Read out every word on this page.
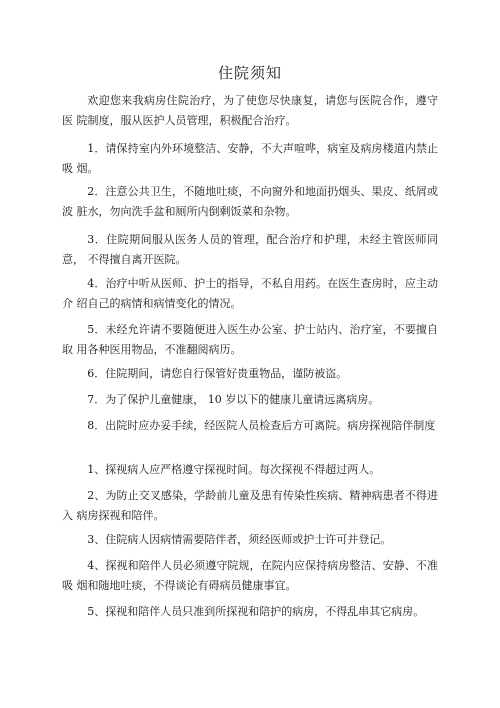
住院须知

欢迎您来我病房住院治疗，为了使您尽快康复，请您与医院合作，遵守医 院制度，服从医护人员管理，积极配合治疗。

1．请保持室内外环境整洁、安静，不大声喧哗，病室及病房楼道内禁止吸 烟。

2．注意公共卫生，不随地吐痰，不向窗外和地面扔烟头、果皮、纸屑或波 脏水，勿向洗手盆和厕所内倒剩饭菜和杂物。

3．住院期间服从医务人员的管理，配合治疗和护理，未经主管医师同意， 不得擅自离开医院。

4．治疗中听从医师、护士的指导，不私自用药。在医生查房时，应主动介 绍自己的病情和病情变化的情况。

5．未经允许请不要随便进入医生办公室、护士站内、治疗室，不要擅自取 用各种医用物品，不准翻阅病历。

6．住院期间，请您自行保管好贵重物品，谨防被盗。

7．为了保护儿童健康， 10 岁以下的健康儿童请远离病房。

8．出院时应办妥手续，经医院人员检查后方可离院。病房探视陪伴制度

1、探视病人应严格遵守探视时间。每次探视不得超过两人。

2、为防止交叉感染，学龄前儿童及患有传染性疾病、精神病患者不得进入 病房探视和陪伴。

3、住院病人因病情需要陪伴者，须经医师或护士许可并登记。

4、探视和陪伴人员必须遵守院规，在院内应保持病房整洁、安静、不准吸 烟和随地吐痰，不得谈论有碍病员健康事宜。

5、探视和陪伴人员只准到所探视和陪护的病房，不得乱串其它病房。
